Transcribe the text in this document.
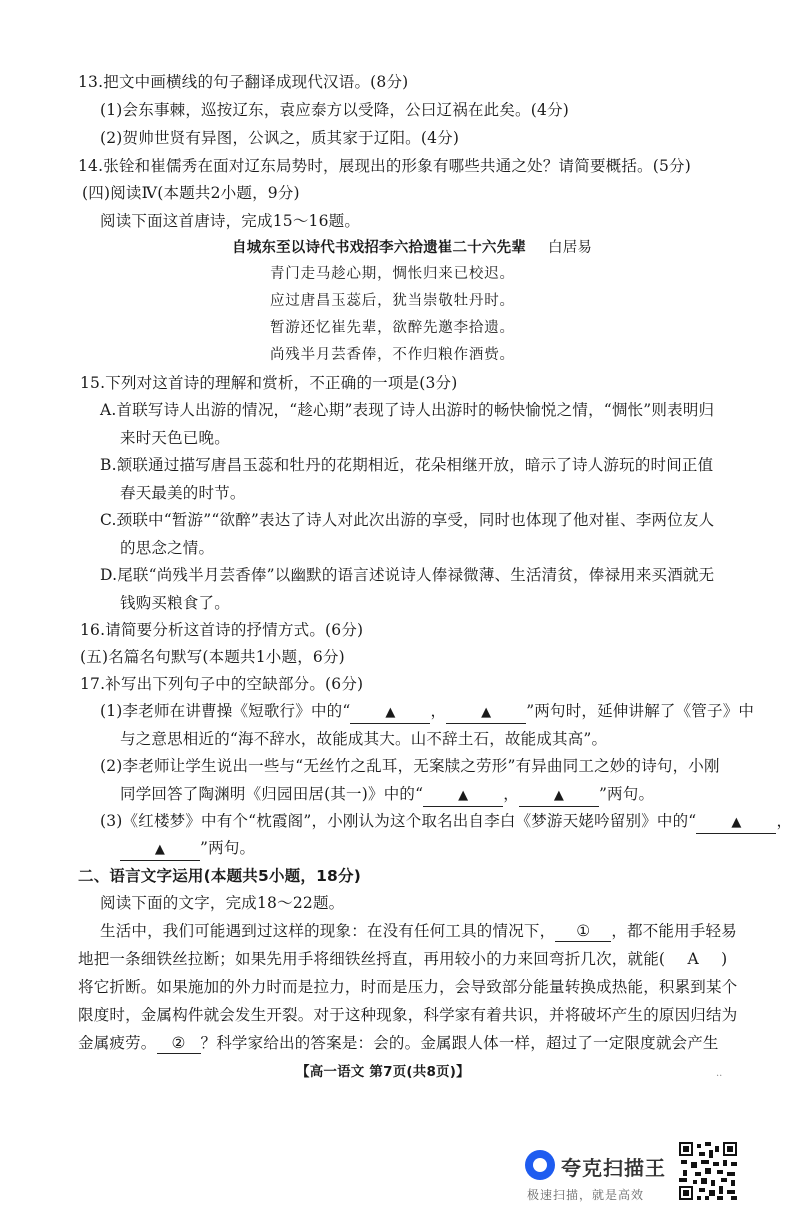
13.把文中画横线的句子翻译成现代汉语。(8分)
(1)会东事棘，巡按辽东，袁应泰方以受降，公曰辽祸在此矣。(4分)
(2)贺帅世贤有异图，公讽之，质其家于辽阳。(4分)
14.张铨和崔儒秀在面对辽东局势时，展现出的形象有哪些共通之处？请简要概括。(5分)
(四)阅读Ⅳ(本题共2小题，9分)
阅读下面这首唐诗，完成15～16题。
自城东至以诗代书戏招李六拾遗崔二十六先辈 白居易
青门走马趁心期，惆怅归来已校迟。
应过唐昌玉蕊后，犹当崇敬牡丹时。
暂游还忆崔先辈，欲醉先邀李拾遗。
尚残半月芸香俸，不作归粮作酒赀。
15.下列对这首诗的理解和赏析，不正确的一项是(3分)
A.首联写诗人出游的情况，“趁心期”表现了诗人出游时的畅快愉悦之情，“惆怅”则表明归
来时天色已晚。
B.颔联通过描写唐昌玉蕊和牡丹的花期相近，花朵相继开放，暗示了诗人游玩的时间正值
春天最美的时节。
C.颈联中“暂游”“欲醉”表达了诗人对此次出游的享受，同时也体现了他对崔、李两位友人
的思念之情。
D.尾联“尚残半月芸香俸”以幽默的语言述说诗人俸禄微薄、生活清贫，俸禄用来买酒就无
钱购买粮食了。
16.请简要分析这首诗的抒情方式。(6分)
(五)名篇名句默写(本题共1小题，6分)
17.补写出下列句子中的空缺部分。(6分)
(1)李老师在讲曹操《短歌行》中的“	▲ ，	▲ ”两句时，延伸讲解了《管子》中
与之意思相近的“海不辞水，故能成其大。山不辞土石，故能成其高”。
(2)李老师让学生说出一些与“无丝竹之乱耳，无案牍之劳形”有异曲同工之妙的诗句，小刚
同学回答了陶渊明《归园田居(其一)》中的“	▲ ，	▲ ”两句。
(3)《红楼梦》中有个“枕霞阁”，小刚认为这个取名出自李白《梦游天姥吟留别》中的“	▲ ，
▲ ”两句。
二、语言文字运用(本题共5小题，18分)
阅读下面的文字，完成18～22题。
生活中，我们可能遇到过这样的现象：在没有任何工具的情况下， ① ，都不能用手轻易
地把一条细铁丝拉断；如果先用手将细铁丝捋直，再用较小的力来回弯折几次，就能( A )
将它折断。如果施加的外力时而是拉力，时而是压力，会导致部分能量转换成热能，积累到某个
限度时，金属构件就会发生开裂。对于这种现象，科学家有着共识，并将破坏产生的原因归结为
金属疲劳。 ② ？科学家给出的答案是：会的。金属跟人体一样，超过了一定限度就会产生
【高一语文 第7页(共8页)】	..
夸克扫描王
极速扫描，就是高效
